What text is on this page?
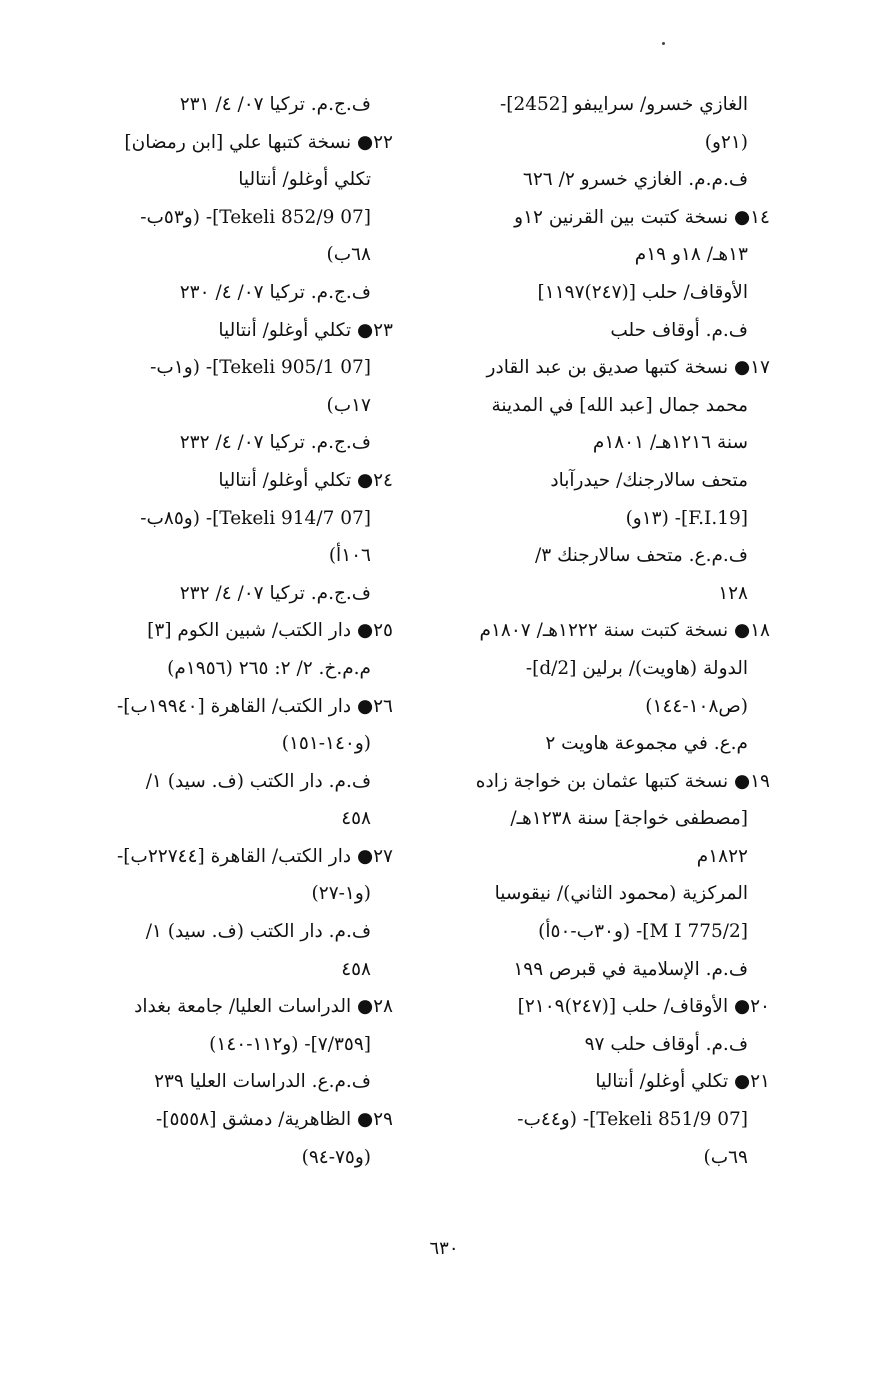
الغازي خسرو/ سرايبفو [2452]-
(٢١و)
ف.م.م. الغازي خسرو ٢/ ٦٢٦
١٤● نسخة كتبت بين القرنين ١٢و
١٣هـ/ ١٨و ١٩م
الأوقاف/ حلب [(٢٤٧)١١٩٧]
ف.م. أوقاف حلب
١٧● نسخة كتبها صديق بن عبد القادر
محمد جمال [عبد الله] في المدينة
سنة ١٢١٦هـ/ ١٨٠١م
متحف سالارجنك/ حيدرآباد
[F.I.19]- (١٣و)
ف.م.ع. متحف سالارجنك ٣/
١٢٨
١٨● نسخة كتبت سنة ١٢٢٢هـ/ ١٨٠٧م
الدولة (هاويت)/ برلين [2/d]-
(ص١٠٨-١٤٤)
م.ع. في مجموعة هاويت ٢
١٩● نسخة كتبها عثمان بن خواجة زاده
[مصطفى خواجة] سنة ١٢٣٨هـ/
١٨٢٢م
المركزية (محمود الثاني)/ نيقوسيا
[M I 775/2]- (و٣٠ب-٥٠أ)
ف.م. الإسلامية في قبرص ١٩٩
٢٠● الأوقاف/ حلب [(٢٤٧)٢١٠٩]
ف.م. أوقاف حلب ٩٧
٢١● تكلي أوغلو/ أنتاليا
[07 Tekeli 851/9]- (و٤٤ب-
٦٩ب)
ف.ج.م. تركيا ٠٧/ ٤/ ٢٣١
٢٢● نسخة كتبها علي [ابن رمضان]
تكلي أوغلو/ أنتاليا
[07 Tekeli 852/9]- (و٥٣ب-
٦٨ب)
ف.ج.م. تركيا ٠٧/ ٤/ ٢٣٠
٢٣● تكلي أوغلو/ أنتاليا
[07 Tekeli 905/1]- (و١ب-
١٧ب)
ف.ج.م. تركيا ٠٧/ ٤/ ٢٣٢
٢٤● تكلي أوغلو/ أنتاليا
[07 Tekeli 914/7]- (و٨٥ب-
١٠٦أ)
ف.ج.م. تركيا ٠٧/ ٤/ ٢٣٢
٢٥● دار الكتب/ شبين الكوم [٣]
م.م.خ. ٢/ ٢: ٢٦٥ (١٩٥٦م)
٢٦● دار الكتب/ القاهرة [١٩٩٤٠ب]-
(و١٤٠-١٥١)
ف.م. دار الكتب (ف. سيد) ١/
٤٥٨
٢٧● دار الكتب/ القاهرة [٢٢٧٤٤ب]-
(و١-٢٧)
ف.م. دار الكتب (ف. سيد) ١/
٤٥٨
٢٨● الدراسات العليا/ جامعة بغداد
[٧/٣٥٩]- (و١١٢-١٤٠)
ف.م.ع. الدراسات العليا ٢٣٩
٢٩● الظاهرية/ دمشق [٥٥٥٨]-
(و٧٥-٩٤)
٦٣٠
